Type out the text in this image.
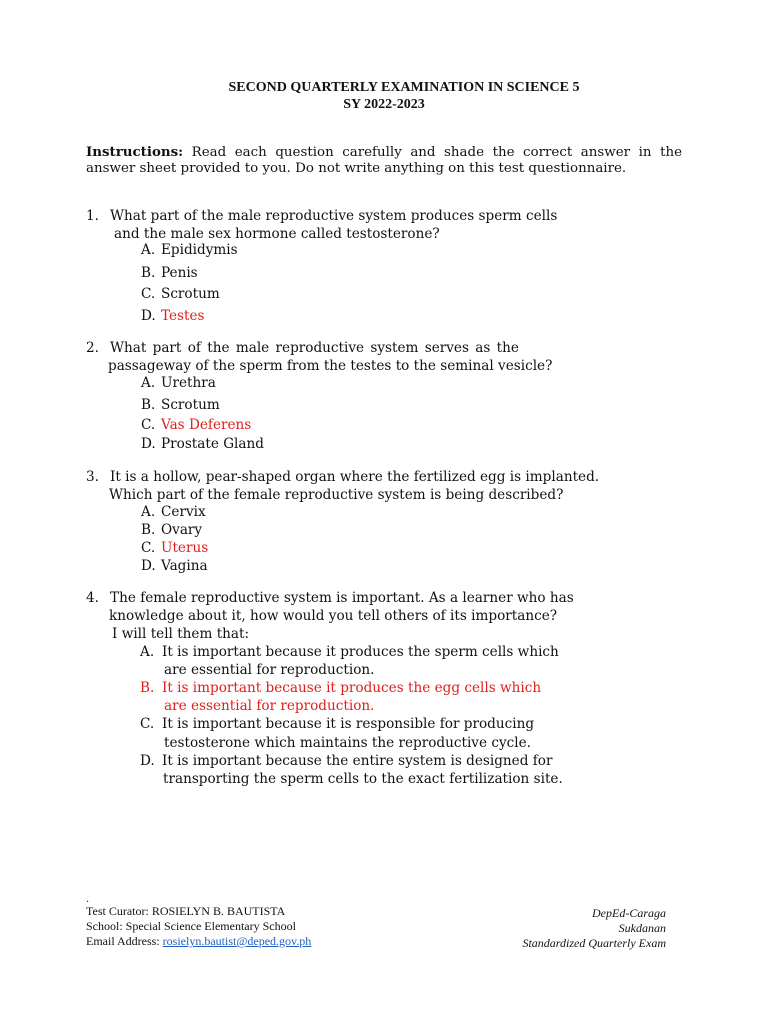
SECOND QUARTERLY EXAMINATION IN SCIENCE 5
SY 2022-2023
Instructions: Read each question carefully and shade the correct answer in the answer sheet provided to you. Do not write anything on this test questionnaire.
1. What part of the male reproductive system produces sperm cells
and the male sex hormone called testosterone?
A. Epididymis
B. Penis
C. Scrotum
D. Testes
2. What part of the male reproductive system serves as the
passageway of the sperm from the testes to the seminal vesicle?
A. Urethra
B. Scrotum
C. Vas Deferens
D. Prostate Gland
3. It is a hollow, pear-shaped organ where the fertilized egg is implanted.
Which part of the female reproductive system is being described?
A. Cervix
B. Ovary
C. Uterus
D. Vagina
4. The female reproductive system is important. As a learner who has
knowledge about it, how would you tell others of its importance?
I will tell them that:
A. It is important because it produces the sperm cells which
are essential for reproduction.
B. It is important because it produces the egg cells which
are essential for reproduction.
C. It is important because it is responsible for producing
testosterone which maintains the reproductive cycle.
D. It is important because the entire system is designed for
transporting the sperm cells to the exact fertilization site.
.
Test Curator: ROSIELYN B. BAUTISTA
School: Special Science Elementary School
Email Address: rosielyn.bautist@deped.gov.ph
DepEd-Caraga
Sukdanan
Standardized Quarterly Exam
